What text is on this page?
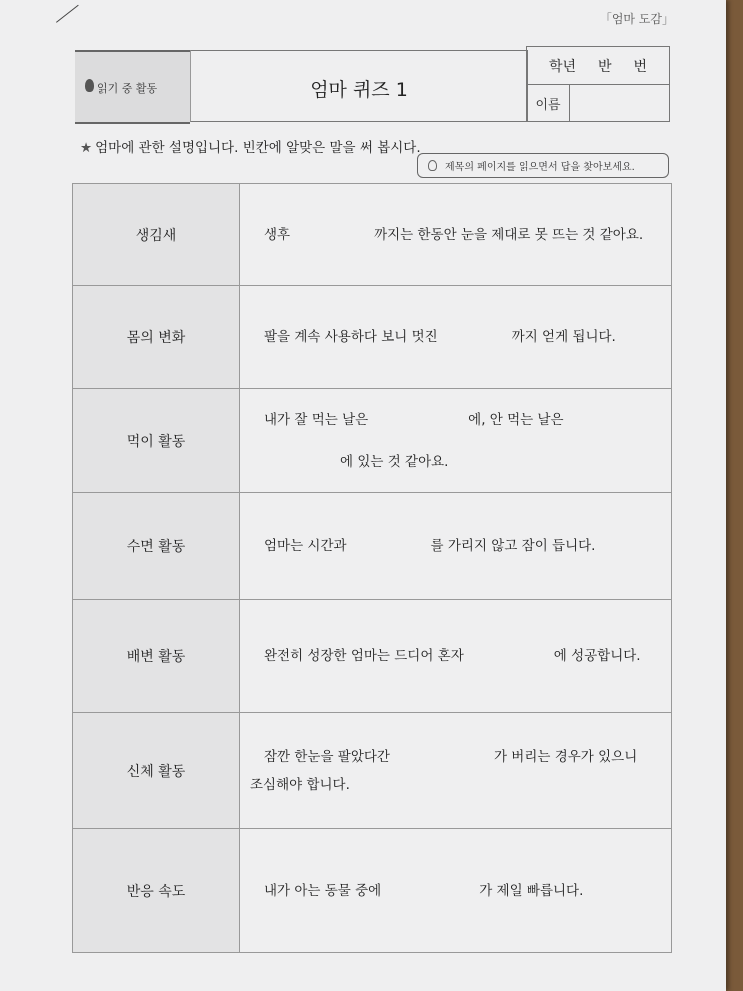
「엄마 도감」
읽기 중 활동	엄마 퀴즈 1
학년 반 번
이름
★ 엄마에 관한 설명입니다. 빈칸에 알맞은 말을 써 봅시다.
제목의 페이지를 읽으면서 답을 찾아보세요.
생김새	생후 까지는 한동안 눈을 제대로 못 뜨는 것 같아요.
몸의 변화	팔을 계속 사용하다 보니 멋진 까지 얻게 됩니다.
먹이 활동	내가 잘 먹는 날은 에, 안 먹는 날은
에 있는 것 같아요.

수면 활동	엄마는 시간과 를 가리지 않고 잠이 듭니다.
배변 활동	완전히 성장한 엄마는 드디어 혼자 에 성공합니다.
신체 활동	잠깐 한눈을 팔았다간 가 버리는 경우가 있으니 조심해야 합니다.
반응 속도	내가 아는 동물 중에 가 제일 빠릅니다.
